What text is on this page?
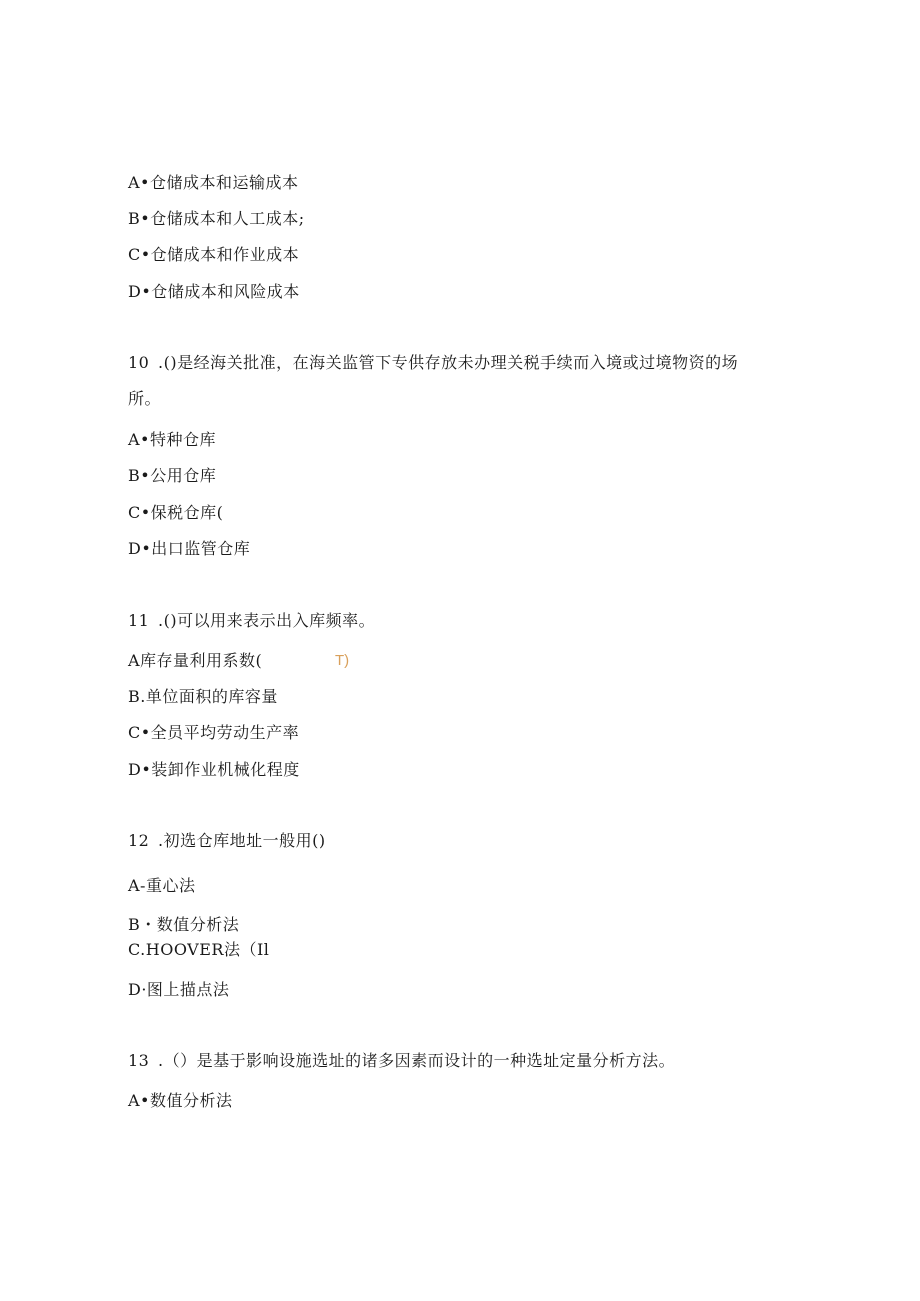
A•仓储成本和运输成本
B•仓储成本和人工成本;
C•仓储成本和作业成本
D•仓储成本和风险成本
10 .()是经海关批准，在海关监管下专供存放未办理关税手续而入境或过境物资的场
所。
A•特种仓库
B•公用仓库
C•保税仓库(
D•出口监管仓库
11 .()可以用来表示出入库频率。
A库存量利用系数(	T)
B.单位面积的库容量
C•全员平均劳动生产率
D•装卸作业机械化程度
12 .初选仓库地址一般用()
A-重心法
B・数值分析法
C.HOOVER法（Il
D·图上描点法
13 .（）是基于影响设施选址的诸多因素而设计的一种选址定量分析方法。
A•数值分析法
